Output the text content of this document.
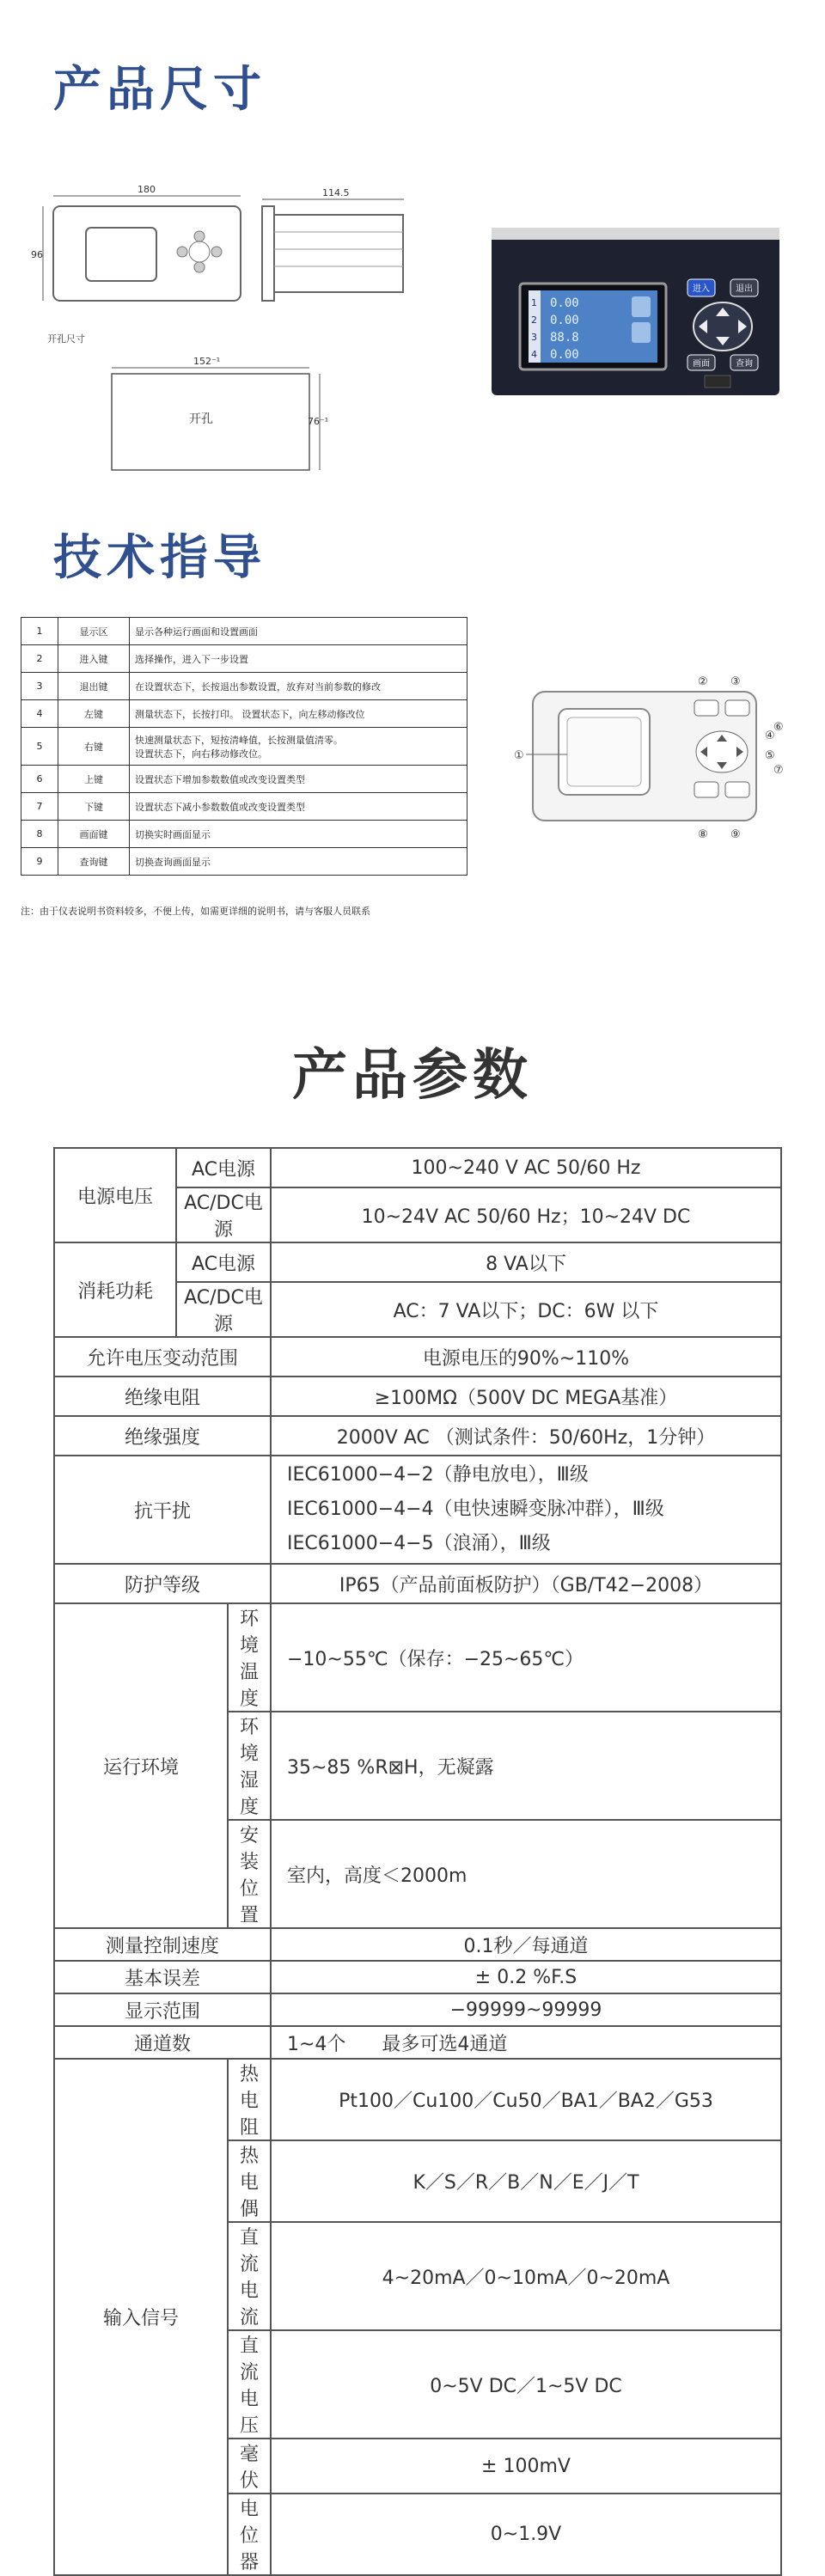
产品尺寸
技术指导
180
96
114.5
开孔尺寸
152⁻¹
开孔	76⁻¹
1
2
3
4
0.00
0.00
88.8
0.00
进入	退出
画面	查询
1	显示区	显示各种运行画面和设置画面
2	进入键	选择操作，进入下一步设置
3	退出键	在设置状态下，长按退出参数设置，放弃对当前参数的修改
4	左键	测量状态下，长按打印。 设置状态下，向左移动修改位
5	右键	快速测量状态下，短按清峰值，长按测量值清零。
设置状态下，向右移动修改位。
6	上键	设置状态下增加参数数值或改变设置类型
7	下键	设置状态下减小参数数值或改变设置类型
8	画面键	切换实时画面显示
9	查询键	切换查询画面显示
①
② ③
④
⑤
⑥
⑦
⑧ ⑨
注：由于仪表说明书资料较多，不便上传，如需更详细的说明书，请与客服人员联系
产品参数
电源电压	AC电源		100~240 V AC 50/60 Hz
	AC/DC电源		10~24V AC 50/60 Hz；10~24V DC
消耗功耗	AC电源		8 VA以下
	AC/DC电源		AC：7 VA以下；DC：6W 以下
允许电压变动范围			电源电压的90%~110%
绝缘电阻			≥100MΩ（500V DC MEGA基准）
绝缘强度			2000V AC （测试条件：50/60Hz，1分钟）
抗干扰			IEC61000−4−2（静电放电），Ⅲ级
IEC61000−4−4（电快速瞬变脉冲群），Ⅲ级
IEC61000−4−5（浪涌），Ⅲ级

防护等级			IP65（产品前面板防护）（GB/T42−2008）
运行环境		环境温度	−10~55℃（保存：−25~65℃）
		环境湿度	35~85 %R⊠H，无凝露
		安装位置	室内，高度＜2000m
测量控制速度			0.1秒／每通道
基本误差			± 0.2 %F.S
显示范围			−99999~99999
通道数			1~4个      最多可选4通道
输入信号		热电阻	Pt100／Cu100／Cu50／BA1／BA2／G53
		热电偶	K／S／R／B／N／E／J／T
		直流电流	4~20mA／0~10mA／0~20mA
		直流电压	0~5V DC／1~5V DC
		毫伏	± 100mV
		电位器	0~1.9V
